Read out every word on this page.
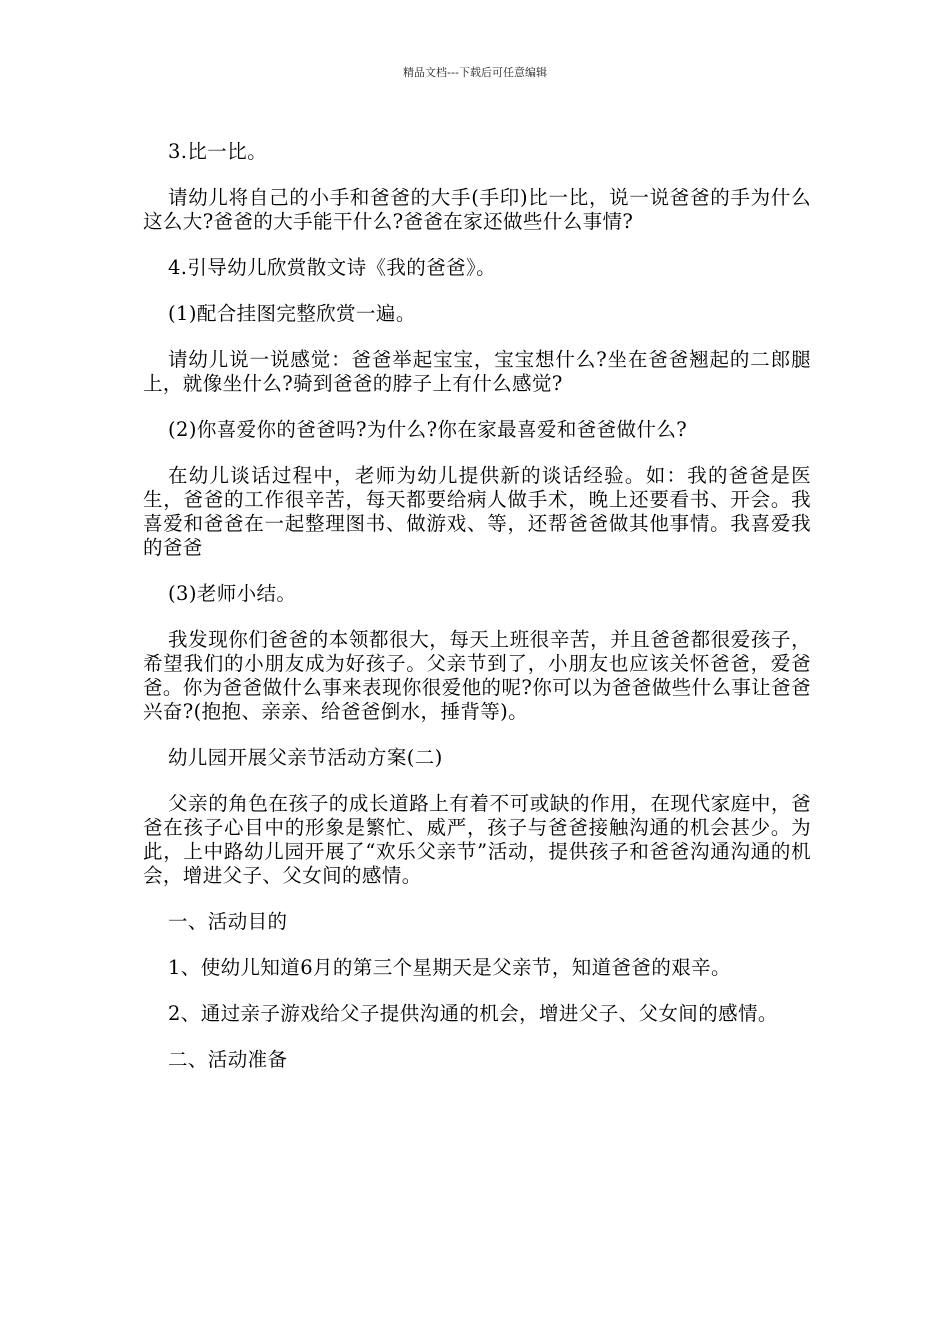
精品文档---下载后可任意编辑

3.比一比。

请幼儿将自己的小手和爸爸的大手(手印)比一比，说一说爸爸的手为什么这么大?爸爸的大手能干什么?爸爸在家还做些什么事情?

4.引导幼儿欣赏散文诗《我的爸爸》。

(1)配合挂图完整欣赏一遍。

请幼儿说一说感觉：爸爸举起宝宝，宝宝想什么?坐在爸爸翘起的二郎腿上，就像坐什么?骑到爸爸的脖子上有什么感觉?

(2)你喜爱你的爸爸吗?为什么?你在家最喜爱和爸爸做什么?

在幼儿谈话过程中，老师为幼儿提供新的谈话经验。如：我的爸爸是医生，爸爸的工作很辛苦，每天都要给病人做手术，晚上还要看书、开会。我喜爱和爸爸在一起整理图书、做游戏、等，还帮爸爸做其他事情。我喜爱我的爸爸

(3)老师小结。

我发现你们爸爸的本领都很大，每天上班很辛苦，并且爸爸都很爱孩子，希望我们的小朋友成为好孩子。父亲节到了，小朋友也应该关怀爸爸，爱爸爸。你为爸爸做什么事来表现你很爱他的呢?你可以为爸爸做些什么事让爸爸兴奋?(抱抱、亲亲、给爸爸倒水，捶背等)。

幼儿园开展父亲节活动方案(二)

父亲的角色在孩子的成长道路上有着不可或缺的作用，在现代家庭中，爸爸在孩子心目中的形象是繁忙、威严，孩子与爸爸接触沟通的机会甚少。为此，上中路幼儿园开展了“欢乐父亲节”活动，提供孩子和爸爸沟通沟通的机会，增进父子、父女间的感情。

一、活动目的

1、使幼儿知道6月的第三个星期天是父亲节，知道爸爸的艰辛。

2、通过亲子游戏给父子提供沟通的机会，增进父子、父女间的感情。

二、活动准备
